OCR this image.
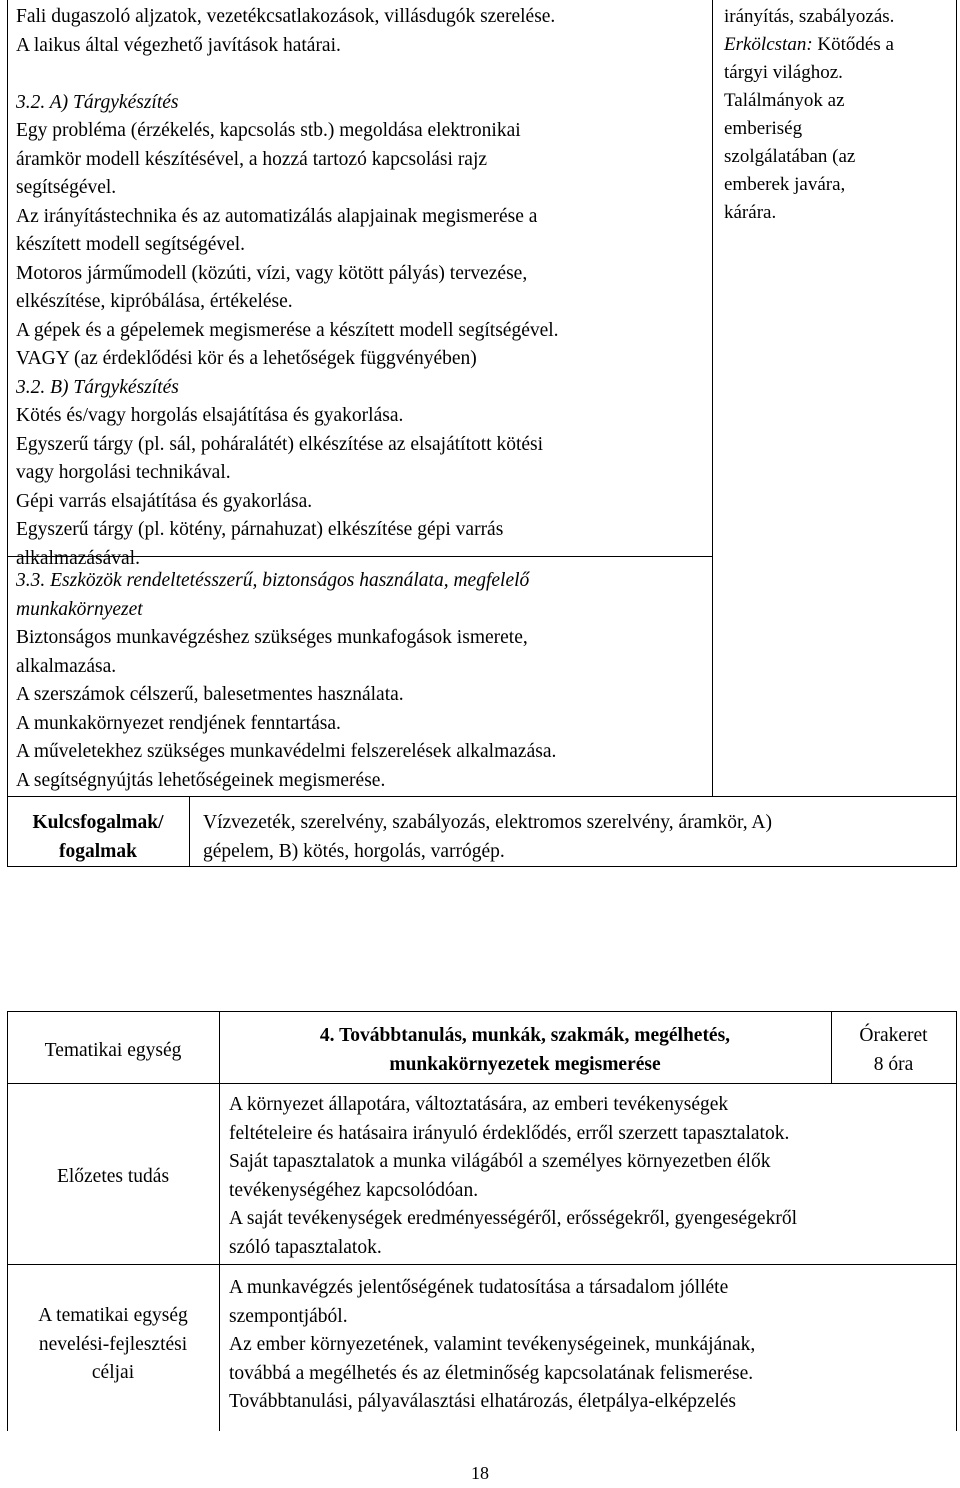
Fali dugaszoló aljzatok, vezetékcsatlakozások, villásdugók szerelése.
A laikus által végezhető javítások határai.

3.2. A) Tárgykészítés
Egy probléma (érzékelés, kapcsolás stb.) megoldása elektronikai
áramkör modell készítésével, a hozzá tartozó kapcsolási rajz
segítségével.
Az irányítástechnika és az automatizálás alapjainak megismerése a
készített modell segítségével.
Motoros járműmodell (közúti, vízi, vagy kötött pályás) tervezése,
elkészítése, kipróbálása, értékelése.
A gépek és a gépelemek megismerése a készített modell segítségével.
VAGY (az érdeklődési kör és a lehetőségek függvényében)
3.2. B) Tárgykészítés
Kötés és/vagy horgolás elsajátítása és gyakorlása.
Egyszerű tárgy (pl. sál, poháralátét) elkészítése az elsajátított kötési
vagy horgolási technikával.
Gépi varrás elsajátítása és gyakorlása.
Egyszerű tárgy (pl. kötény, párnahuzat) elkészítése gépi varrás
alkalmazásával.
3.3. Eszközök rendeltetésszerű, biztonságos használata, megfelelő
munkakörnyezet
Biztonságos munkavégzéshez szükséges munkafogások ismerete,
alkalmazása.
A szerszámok célszerű, balesetmentes használata.
A munkakörnyezet rendjének fenntartása.
A műveletekhez szükséges munkavédelmi felszerelések alkalmazása.
A segítségnyújtás lehetőségeinek megismerése.
irányítás, szabályozás.
Erkölcstan: Kötődés a
tárgyi világhoz.
Találmányok az
emberiség
szolgálatában (az
emberek javára,
kárára.
Kulcsfogalmak/
fogalmak
Vízvezeték, szerelvény, szabályozás, elektromos szerelvény, áramkör, A)
gépelem, B) kötés, horgolás, varrógép.
Tematikai egység
4. Továbbtanulás, munkák, szakmák, megélhetés,
munkakörnyezetek megismerése
Órakeret
8 óra
Előzetes tudás
A környezet állapotára, változtatására, az emberi tevékenységek
feltételeire és hatásaira irányuló érdeklődés, erről szerzett tapasztalatok.
Saját tapasztalatok a munka világából a személyes környezetben élők
tevékenységéhez kapcsolódóan.
A saját tevékenységek eredményességéről, erősségekről, gyengeségekről
szóló tapasztalatok.
A tematikai egység
nevelési-fejlesztési
céljai
A munkavégzés jelentőségének tudatosítása a társadalom jólléte
szempontjából.
Az ember környezetének, valamint tevékenységeinek, munkájának,
továbbá a megélhetés és az életminőség kapcsolatának felismerése.
Továbbtanulási, pályaválasztási elhatározás, életpálya-elképzelés
18
